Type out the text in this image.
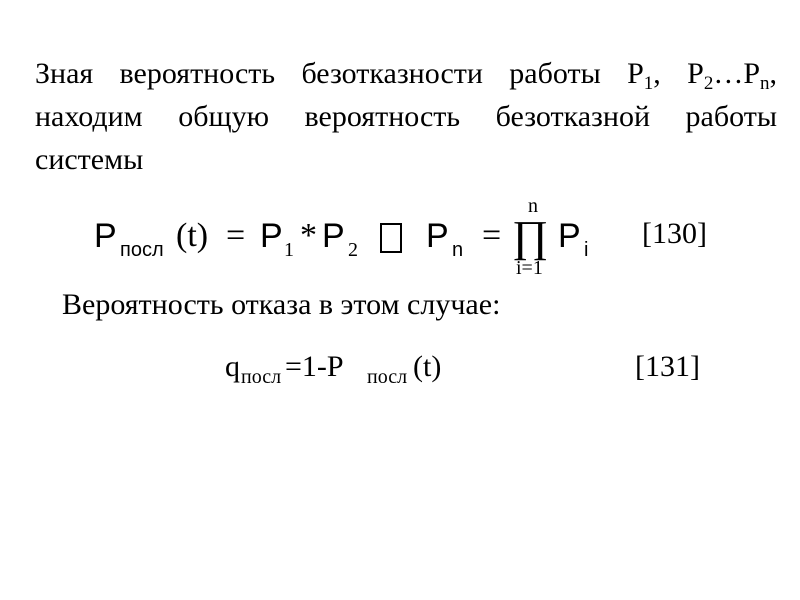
Зная вероятность безотказности работы $Р_1$, $Р_2\dots Р_n$, находим общую вероятность безотказной работы системы
P посл (t) = P 1 * P 2 P n = ∏
n
i=1
P i [130]
Вероятность отказа в этом случае:
q посл =1-Р посл (t)	[131]
